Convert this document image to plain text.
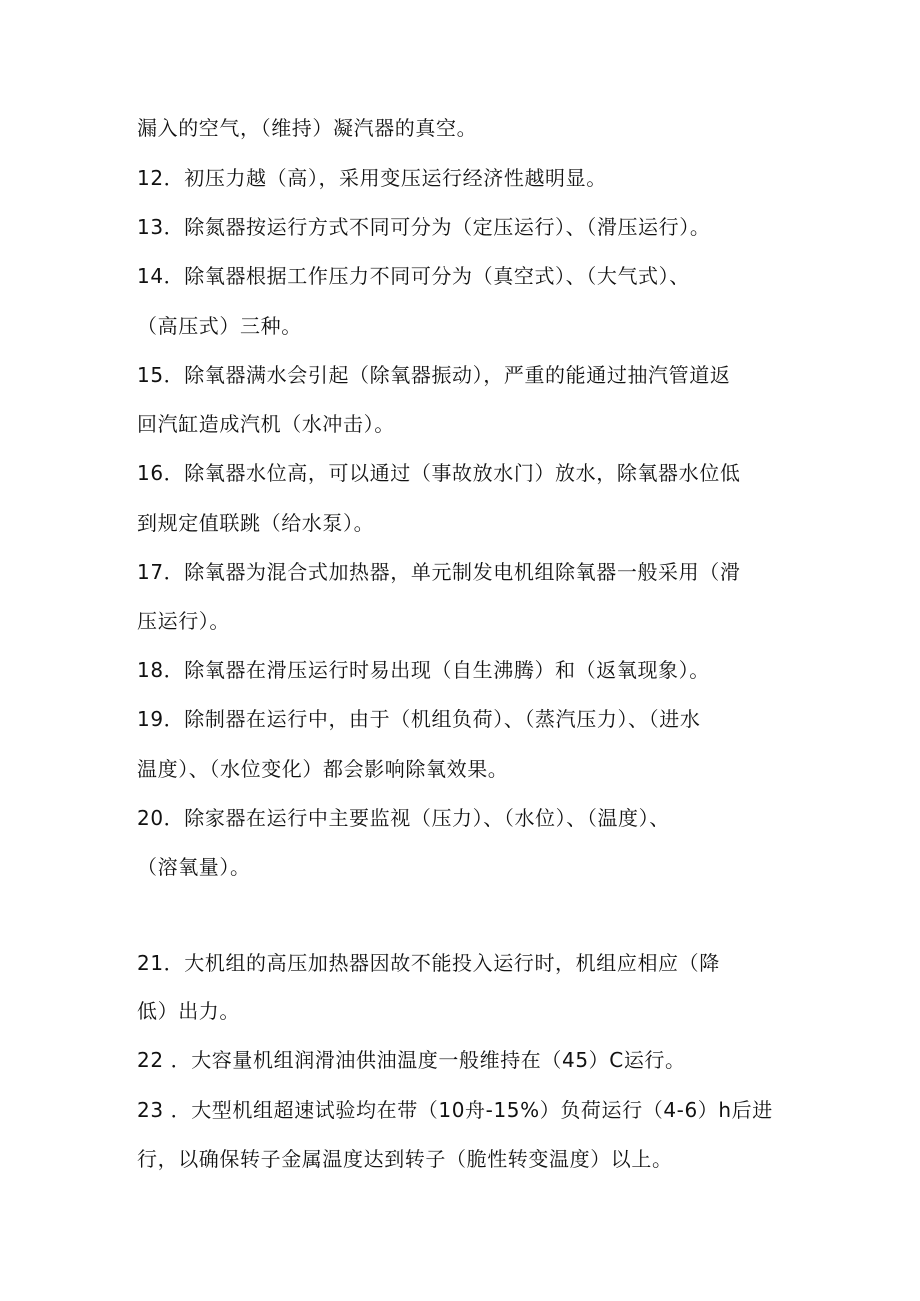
漏入的空气，（维持）凝汽器的真空。
12．初压力越（高），采用变压运行经济性越明显。
13．除氮器按运行方式不同可分为（定压运行）、（滑压运行）。
14．除氧器根据工作压力不同可分为（真空式）、（大气式）、
（高压式）三种。
15．除氧器满水会引起（除氧器振动），严重的能通过抽汽管道返
回汽缸造成汽机（水冲击）。
16．除氧器水位高，可以通过（事故放水门）放水，除氧器水位低
到规定值联跳（给水泵）。
17．除氧器为混合式加热器，单元制发电机组除氧器一般采用（滑
压运行）。
18．除氧器在滑压运行时易出现（自生沸腾）和（返氧现象）。
19．除制器在运行中，由于（机组负荷）、（蒸汽压力）、（进水
温度）、（水位变化）都会影响除氧效果。
20．除家器在运行中主要监视（压力）、（水位）、（温度）、
（溶氧量）。
21．大机组的高压加热器因故不能投入运行时，机组应相应（降
低）出力。
22 ．大容量机组润滑油供油温度一般维持在（45）C运行。
23 ．大型机组超速试验均在带（10舟-15%）负荷运行（4-6）h后进
行，以确保转子金属温度达到转子（脆性转变温度）以上。
